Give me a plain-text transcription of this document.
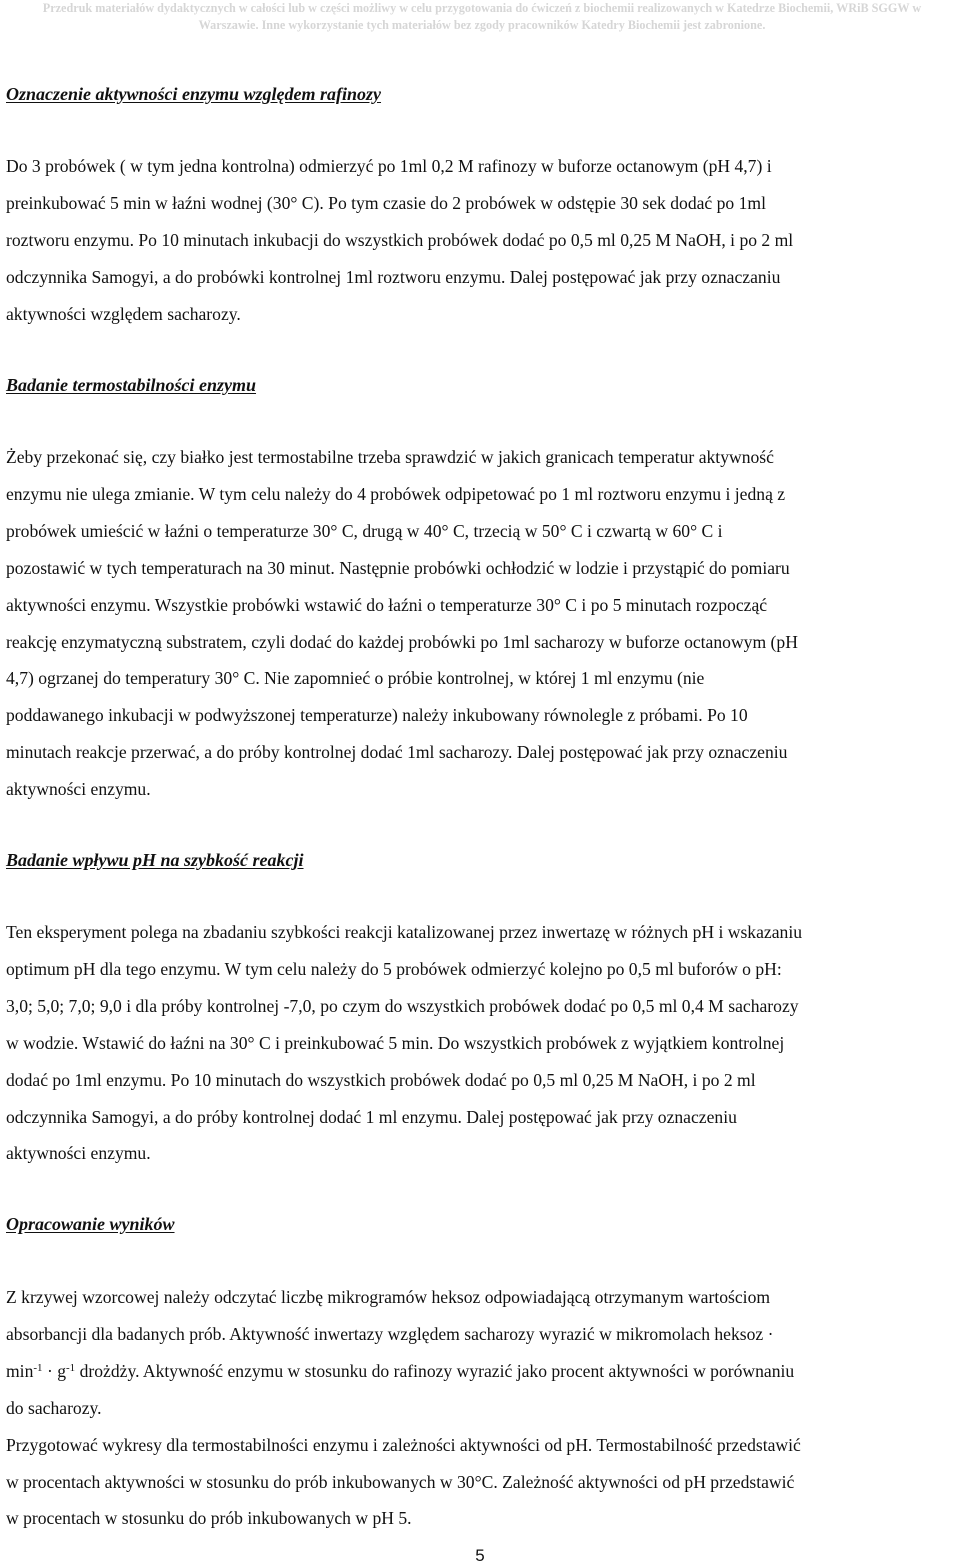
Przedruk materiałów dydaktycznych w całości lub w części możliwy w celu przygotowania do ćwiczeń z biochemii realizowanych w Katedrze Biochemii, WRiB SGGW w
Warszawie. Inne wykorzystanie tych materiałów bez zgody pracowników Katedry Biochemii jest zabronione.
Oznaczenie aktywności enzymu względem rafinozy
Do 3 probówek ( w tym jedna kontrolna) odmierzyć po 1ml 0,2 M rafinozy w buforze octanowym (pH 4,7) i
preinkubować 5 min w łaźni wodnej (30° C). Po tym czasie do 2 probówek w odstępie 30 sek dodać po 1ml
roztworu enzymu. Po 10 minutach inkubacji do wszystkich probówek dodać po 0,5 ml 0,25 M NaOH, i po 2 ml
odczynnika Samogyi, a do probówki kontrolnej 1ml roztworu enzymu. Dalej postępować jak przy oznaczaniu
aktywności względem sacharozy.
Badanie termostabilności enzymu
Żeby przekonać się, czy białko jest termostabilne trzeba sprawdzić w jakich granicach temperatur aktywność
enzymu nie ulega zmianie. W tym celu należy do 4 probówek odpipetować po 1 ml roztworu enzymu i jedną z
probówek umieścić w łaźni o temperaturze 30° C, drugą w 40° C, trzecią w 50° C i czwartą w 60° C i
pozostawić w tych temperaturach na 30 minut. Następnie probówki ochłodzić w lodzie i przystąpić do pomiaru
aktywności enzymu. Wszystkie probówki wstawić do łaźni o temperaturze 30° C i po 5 minutach rozpocząć
reakcję enzymatyczną substratem, czyli dodać do każdej probówki po 1ml sacharozy w buforze octanowym (pH
4,7) ogrzanej do temperatury 30° C. Nie zapomnieć o próbie kontrolnej, w której 1 ml enzymu (nie
poddawanego inkubacji w podwyższonej temperaturze) należy inkubowany równolegle z próbami. Po 10
minutach reakcje przerwać, a do próby kontrolnej dodać 1ml sacharozy. Dalej postępować jak przy oznaczeniu
aktywności enzymu.
Badanie wpływu pH na szybkość reakcji
Ten eksperyment polega na zbadaniu szybkości reakcji katalizowanej przez inwertazę w różnych pH i wskazaniu
optimum pH dla tego enzymu. W tym celu należy do 5 probówek odmierzyć kolejno po 0,5 ml buforów o pH:
3,0; 5,0; 7,0; 9,0 i dla próby kontrolnej -7,0, po czym do wszystkich probówek dodać po 0,5 ml 0,4 M sacharozy
w wodzie. Wstawić do łaźni na 30° C i preinkubować 5 min. Do wszystkich probówek z wyjątkiem kontrolnej
dodać po 1ml enzymu. Po 10 minutach do wszystkich probówek dodać po 0,5 ml 0,25 M NaOH, i po 2 ml
odczynnika Samogyi, a do próby kontrolnej dodać 1 ml enzymu. Dalej postępować jak przy oznaczeniu
aktywności enzymu.
Opracowanie wyników
Z krzywej wzorcowej należy odczytać liczbę mikrogramów heksoz odpowiadającą otrzymanym wartościom
absorbancji dla badanych prób. Aktywność inwertazy względem sacharozy wyrazić w mikromolach heksoz ·
$\min^{-1} \cdot g^{-1}$ drożdży. Aktywność enzymu w stosunku do rafinozy wyrazić jako procent aktywności w porównaniu
do sacharozy.
Przygotować wykresy dla termostabilności enzymu i zależności aktywności od pH. Termostabilność przedstawić
w procentach aktywności w stosunku do prób inkubowanych w 30°C. Zależność aktywności od pH przedstawić
w procentach w stosunku do prób inkubowanych w pH 5.
5
